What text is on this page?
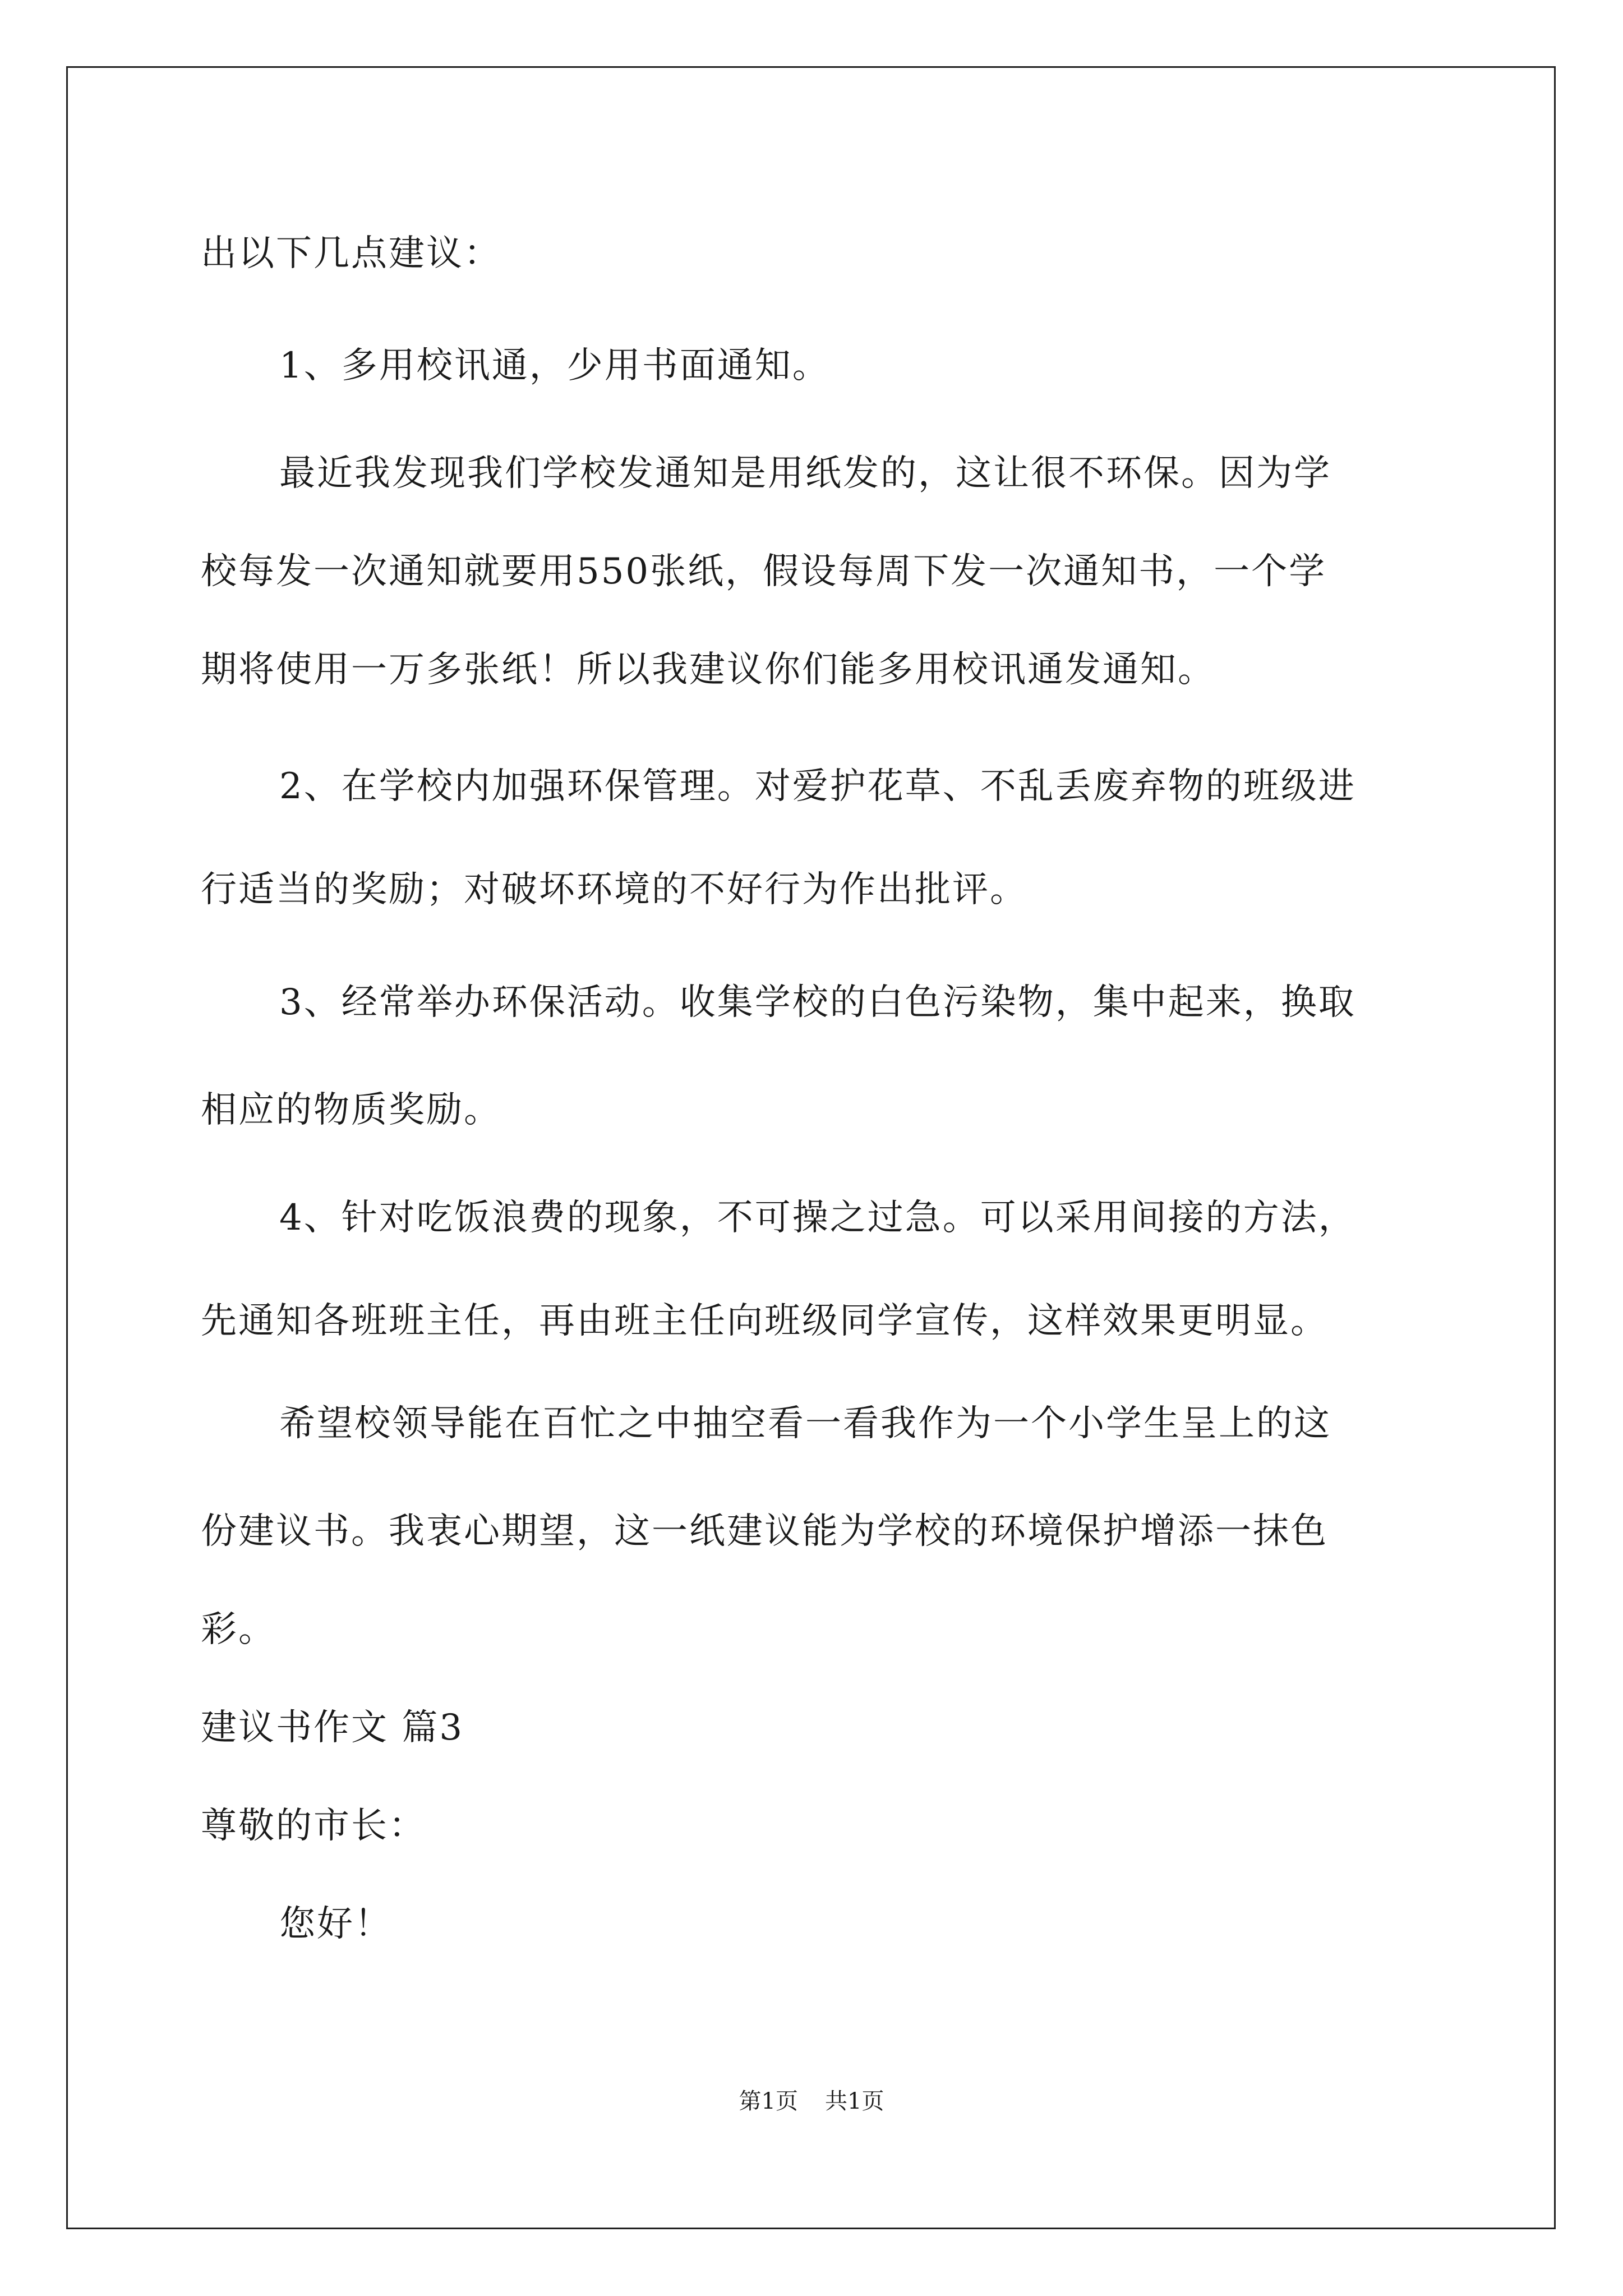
出以下几点建议：
1、多用校讯通，少用书面通知。
最近我发现我们学校发通知是用纸发的，这让很不环保。因为学
校每发一次通知就要用550张纸，假设每周下发一次通知书，一个学
期将使用一万多张纸！所以我建议你们能多用校讯通发通知。
2、在学校内加强环保管理。对爱护花草、不乱丢废弃物的班级进
行适当的奖励；对破坏环境的不好行为作出批评。
3、经常举办环保活动。收集学校的白色污染物，集中起来，换取
相应的物质奖励。
4、针对吃饭浪费的现象，不可操之过急。可以采用间接的方法，
先通知各班班主任，再由班主任向班级同学宣传，这样效果更明显。
希望校领导能在百忙之中抽空看一看我作为一个小学生呈上的这
份建议书。我衷心期望，这一纸建议能为学校的环境保护增添一抹色
彩。
建议书作文 篇3
尊敬的市长：
您好！
第1页 共1页
